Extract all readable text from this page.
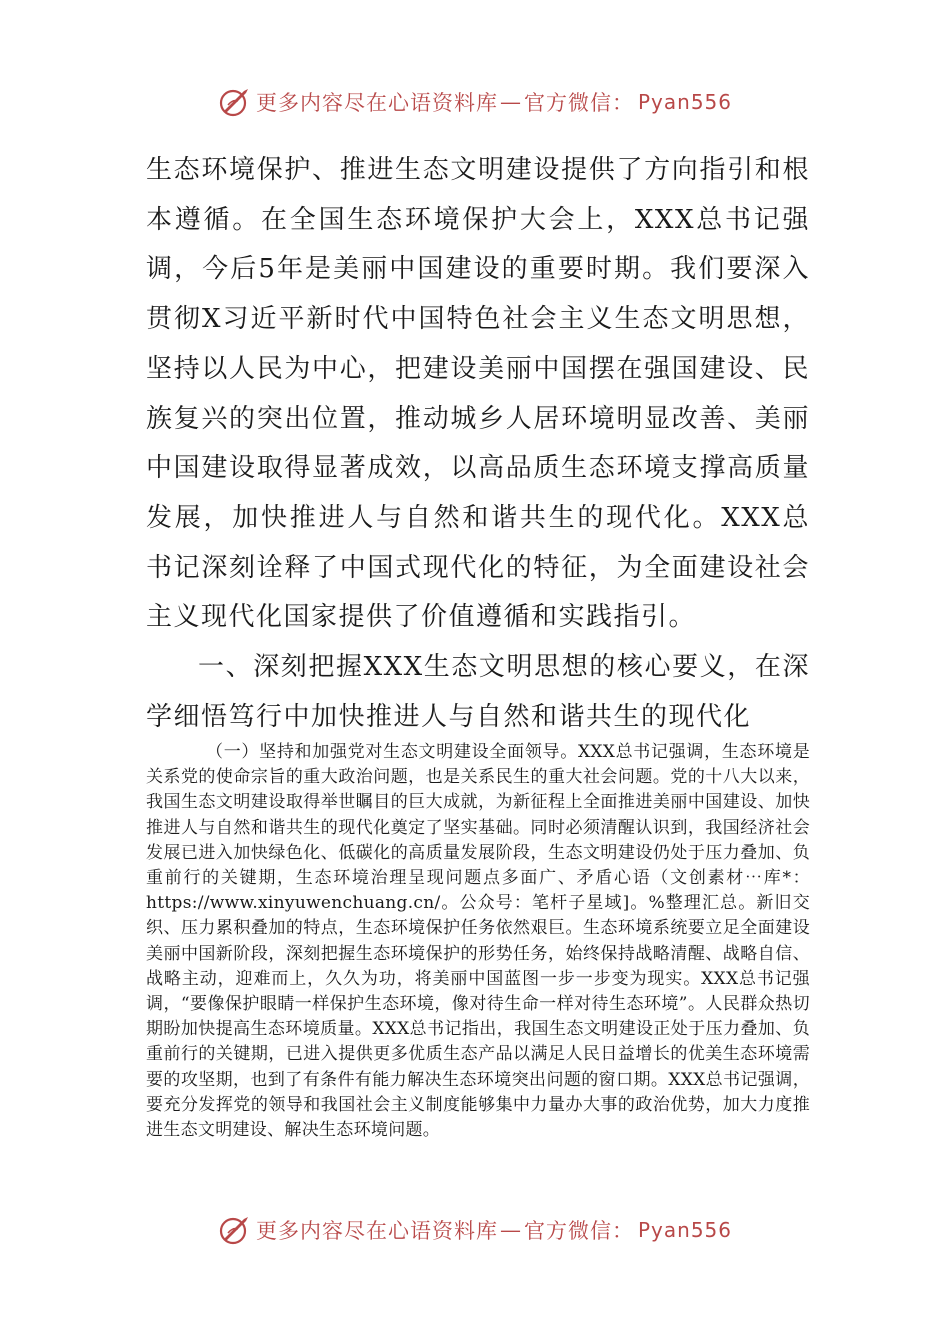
更多内容尽在心语资料库 — 官方微信： Pyan556

生态环境保护、推进生态文明建设提供了方向指引和根本遵循。在全国生态环境保护大会上，XXX总书记强调，今后5年是美丽中国建设的重要时期。我们要深入贯彻X习近平新时代中国特色社会主义生态文明思想，坚持以人民为中心，把建设美丽中国摆在强国建设、民族复兴的突出位置，推动城乡人居环境明显改善、美丽中国建设取得显著成效，以高品质生态环境支撑高质量发展，加快推进人与自然和谐共生的现代化。XXX总书记深刻诠释了中国式现代化的特征，为全面建设社会主义现代化国家提供了价值遵循和实践指引。

一、深刻把握XXX生态文明思想的核心要义，在深学细悟笃行中加快推进人与自然和谐共生的现代化

（一）坚持和加强党对生态文明建设全面领导。XXX总书记强调，生态环境是关系党的使命宗旨的重大政治问题，也是关系民生的重大社会问题。党的十八大以来，我国生态文明建设取得举世瞩目的巨大成就，为新征程上全面推进美丽中国建设、加快推进人与自然和谐共生的现代化奠定了坚实基础。同时必须清醒认识到，我国经济社会发展已进入加快绿色化、低碳化的高质量发展阶段，生态文明建设仍处于压力叠加、负重前行的关键期，生态环境治理呈现问题点多面广、矛盾心语（文创素材⋯库*：https://www.xinyuwenchuang.cn/。公众号：笔杆子星域]。%整理汇总。新旧交织、压力累积叠加的特点，生态环境保护任务依然艰巨。生态环境系统要立足全面建设美丽中国新阶段，深刻把握生态环境保护的形势任务，始终保持战略清醒、战略自信、战略主动，迎难而上，久久为功，将美丽中国蓝图一步一步变为现实。XXX总书记强调，“要像保护眼睛一样保护生态环境，像对待生命一样对待生态环境”。人民群众热切期盼加快提高生态环境质量。XXX总书记指出，我国生态文明建设正处于压力叠加、负重前行的关键期，已进入提供更多优质生态产品以满足人民日益增长的优美生态环境需要的攻坚期，也到了有条件有能力解决生态环境突出问题的窗口期。XXX总书记强调，要充分发挥党的领导和我国社会主义制度能够集中力量办大事的政治优势，加大力度推进生态文明建设、解决生态环境问题。

更多内容尽在心语资料库 — 官方微信： Pyan556
